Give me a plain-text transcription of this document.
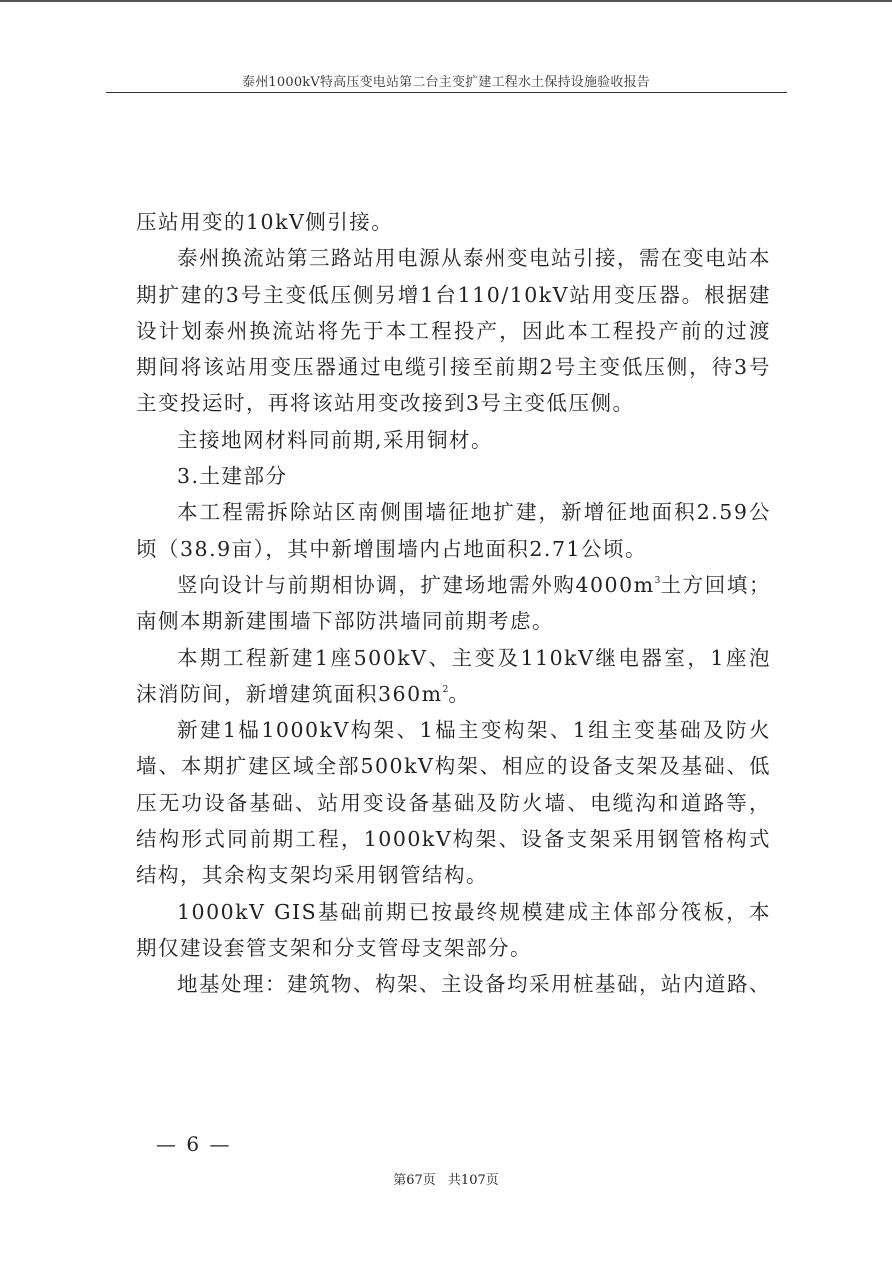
泰州1000kV特高压变电站第二台主变扩建工程水土保持设施验收报告

压站用变的10kV侧引接。

泰州换流站第三路站用电源从泰州变电站引接，需在变电站本期扩建的3号主变低压侧另增1台110/10kV站用变压器。根据建设计划泰州换流站将先于本工程投产，因此本工程投产前的过渡期间将该站用变压器通过电缆引接至前期2号主变低压侧，待3号主变投运时，再将该站用变改接到3号主变低压侧。

主接地网材料同前期,采用铜材。

3.土建部分

本工程需拆除站区南侧围墙征地扩建，新增征地面积2.59公顷（38.9亩），其中新增围墙内占地面积2.71公顷。

竖向设计与前期相协调，扩建场地需外购$4000m^3$土方回填；南侧本期新建围墙下部防洪墙同前期考虑。

本期工程新建1座500kV、主变及110kV继电器室，1座泡沫消防间，新增建筑面积$360m^2$。

新建1榀1000kV构架、1榀主变构架、1组主变基础及防火墙、本期扩建区域全部500kV构架、相应的设备支架及基础、低压无功设备基础、站用变设备基础及防火墙、电缆沟和道路等，结构形式同前期工程，1000kV构架、设备支架采用钢管格构式结构，其余构支架均采用钢管结构。

1000kV GIS基础前期已按最终规模建成主体部分筏板，本期仅建设套管支架和分支管母支架部分。

地基处理：建筑物、构架、主设备均采用桩基础，站内道路、

— 6 —
第67页 共107页
